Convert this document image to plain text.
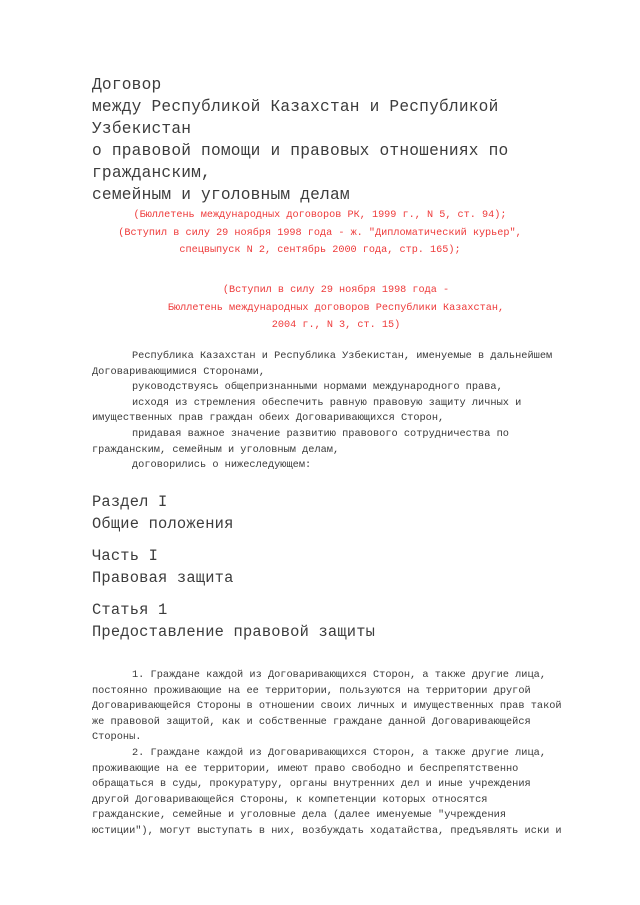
Договор
между Республикой Казахстан и Республикой
Узбекистан
о правовой помощи и правовых отношениях по
гражданским,
семейным и уголовным делам
(Бюллетень международных договоров РК, 1999 г., N 5, ст. 94);
(Вступил в силу 29 ноября 1998 года - ж. "Дипломатический курьер",
спецвыпуск N 2, сентябрь 2000 года, стр. 165);
(Вступил в силу 29 ноября 1998 года -
Бюллетень международных договоров Республики Казахстан,
2004 г., N 3, ст. 15)
Республика Казахстан и Республика Узбекистан, именуемые в дальнейшем
Договаривающимися Сторонами,
руководствуясь общепризнанными нормами международного права,
исходя из стремления обеспечить равную правовую защиту личных и
имущественных прав граждан обеих Договаривающихся Сторон,
придавая важное значение развитию правового сотрудничества по
гражданским, семейным и уголовным делам,
договорились о нижеследующем:
Раздел I
Общие положения
Часть I
Правовая защита
Статья 1
Предоставление правовой защиты
1. Граждане каждой из Договаривающихся Сторон, а также другие лица,
постоянно проживающие на ее территории, пользуются на территории другой
Договаривающейся Стороны в отношении своих личных и имущественных прав такой
же правовой защитой, как и собственные граждане данной Договаривающейся
Стороны.
2. Граждане каждой из Договаривающихся Сторон, а также другие лица,
проживающие на ее территории, имеют право свободно и беспрепятственно
обращаться в суды, прокуратуру, органы внутренних дел и иные учреждения
другой Договаривающейся Стороны, к компетенции которых относятся
гражданские, семейные и уголовные дела (далее именуемые "учреждения
юстиции"), могут выступать в них, возбуждать ходатайства, предъявлять иски и
